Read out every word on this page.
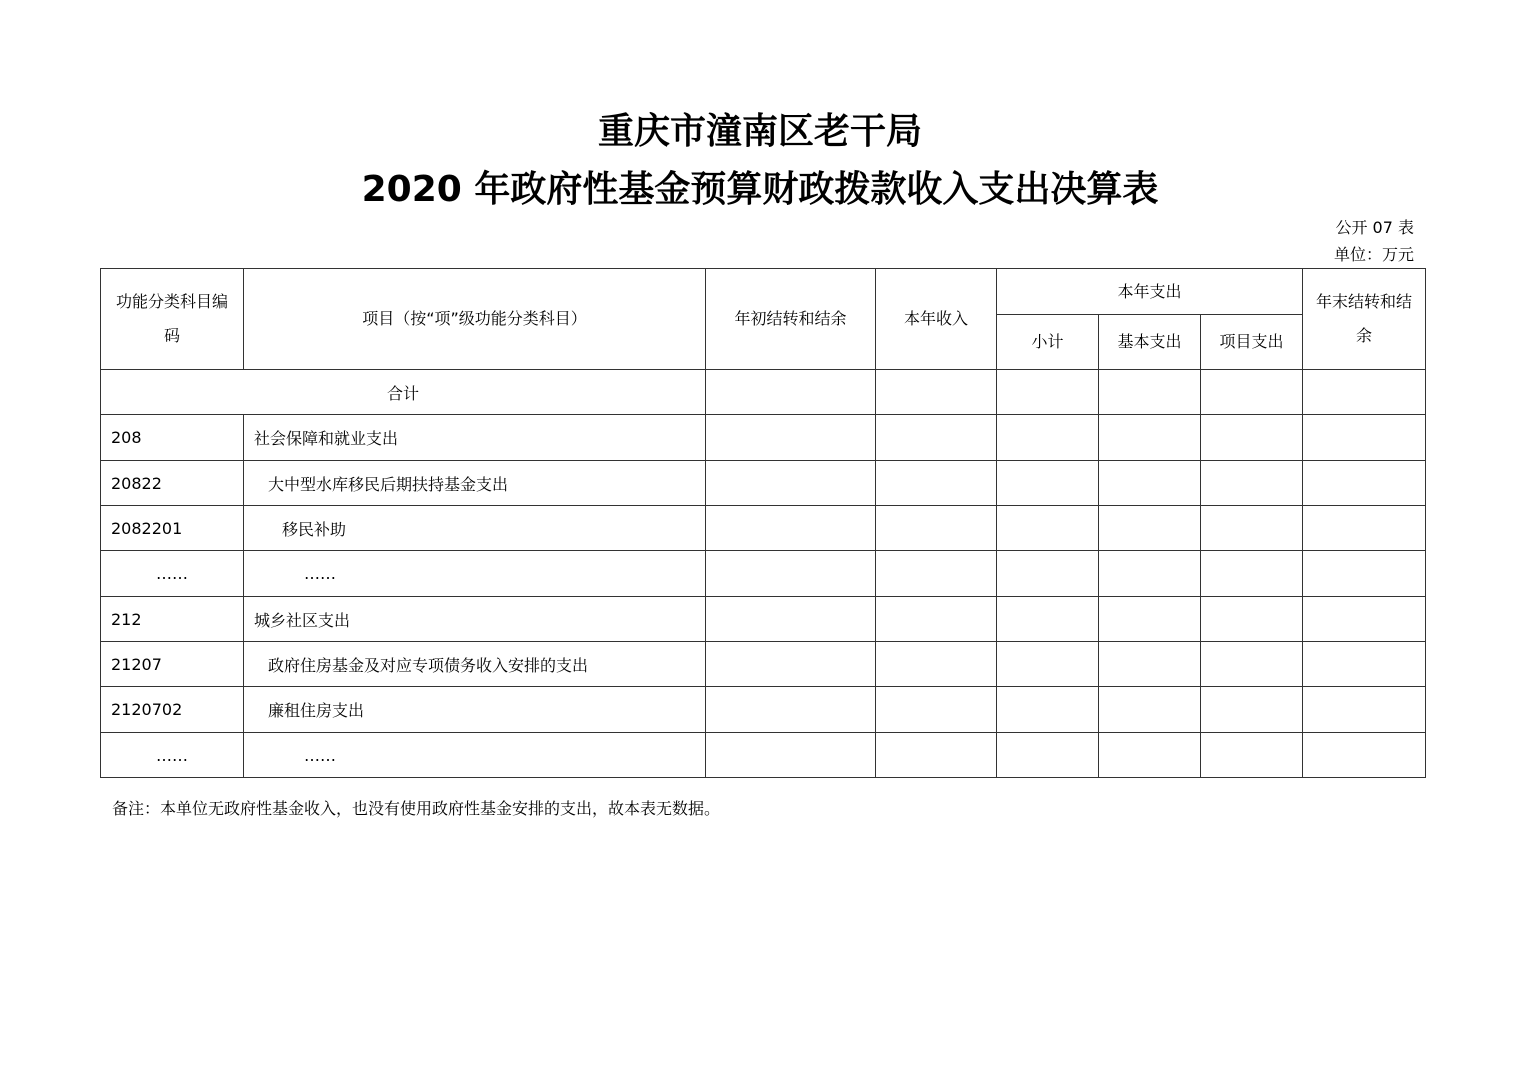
重庆市潼南区老干局
2020 年政府性基金预算财政拨款收入支出决算表
公开 07 表
单位：万元
功能分类科目编码	项目（按“项”级功能分类科目）	年初结转和结余	本年收入	本年支出			年末结转和结余
				小计	基本支出	项目支出	
合计							
208	社会保障和就业支出						
20822	大中型水库移民后期扶持基金支出						
2082201	移民补助						
……	……						
212	城乡社区支出						
21207	政府住房基金及对应专项债务收入安排的支出						
2120702	廉租住房支出						
……	……						
备注：本单位无政府性基金收入，也没有使用政府性基金安排的支出，故本表无数据。
